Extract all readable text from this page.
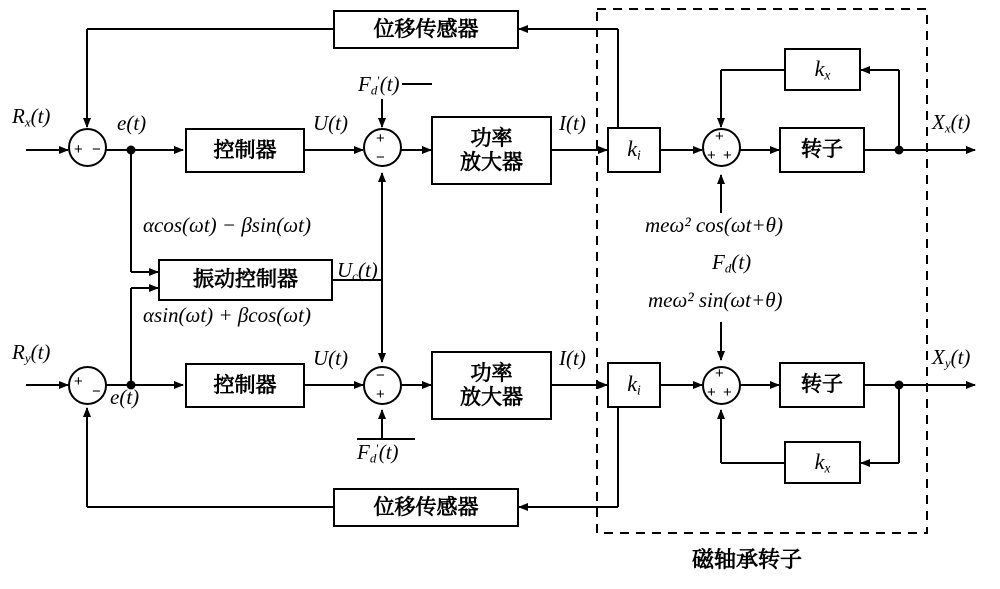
位移传感器
控制器
功率
放大器
$k_i$
$k_x$
转子
振动控制器
控制器
功率
放大器
$k_i$
$k_x$
转子
位移传感器
+ −
+
−
+
+ +
+
−
−
+
+
+ +
$R_x(t)$	e(t)	U(t)	I(t)	$X_x(t)$
$R_y(t)$
e(t)
U(t)	I(t)	$X_y(t)$
$U_c(t)$
$F_d'(t)$
$F_d'(t)$
αcos(ωt) − βsin(ωt)
αsin(ωt) + βcos(ωt)
meω² cos(ωt+θ)
$F_d(t)$
meω² sin(ωt+θ)
磁轴承转子
